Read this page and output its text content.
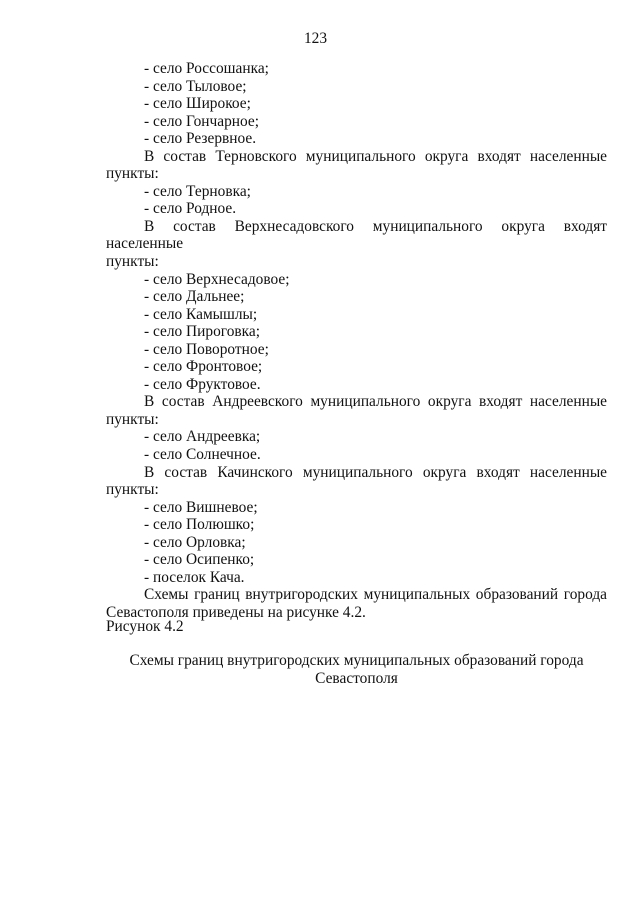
123
- село Россошанка;
- село Тыловое;
- село Широкое;
- село Гончарное;
- село Резервное.
В состав Терновского муниципального округа входят населенные
пункты:
- село Терновка;
- село Родное.
В состав Верхнесадовского муниципального округа входят населенные
пункты:
- село Верхнесадовое;
- село Дальнее;
- село Камышлы;
- село Пироговка;
- село Поворотное;
- село Фронтовое;
- село Фруктовое.
В состав Андреевского муниципального округа входят населенные
пункты:
- село Андреевка;
- село Солнечное.
В состав Качинского муниципального округа входят населенные
пункты:
- село Вишневое;
- село Полюшко;
- село Орловка;
- село Осипенко;
- поселок Кача.
Схемы границ внутригородских муниципальных образований города
Севастополя приведены на рисунке 4.2.
Рисунок 4.2
Схемы границ внутригородских муниципальных образований города
Севастополя
